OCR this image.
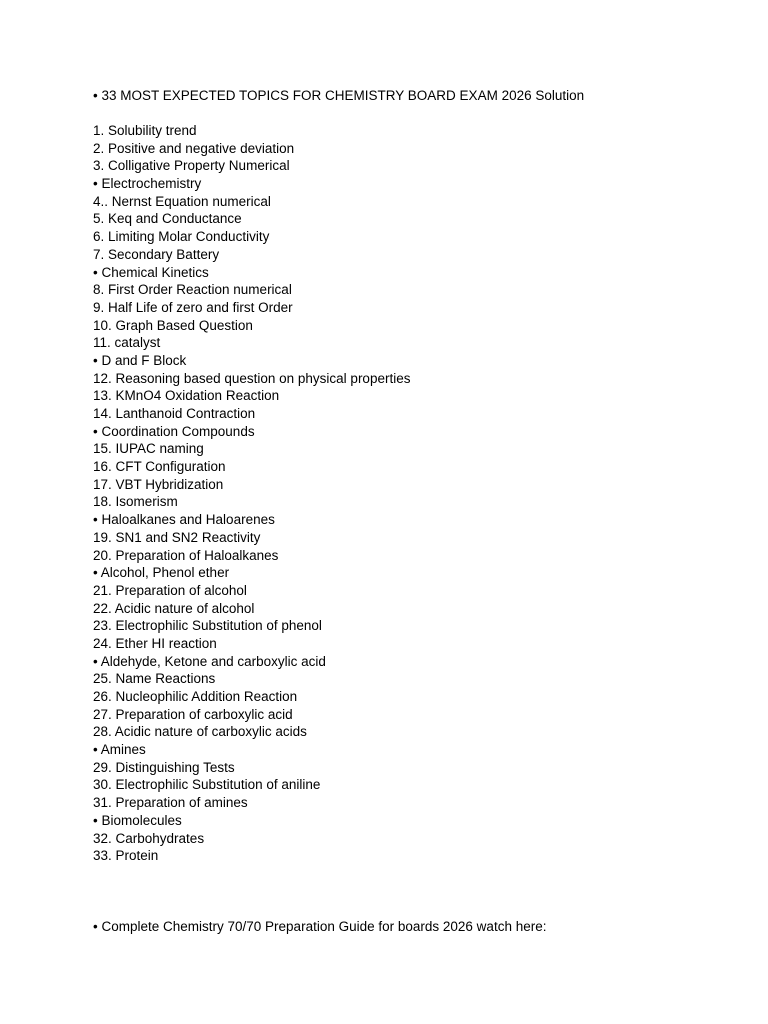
• 33 MOST EXPECTED TOPICS FOR CHEMISTRY BOARD EXAM 2026 Solution
1. Solubility trend
2. Positive and negative deviation
3. Colligative Property Numerical
• Electrochemistry
4.. Nernst Equation numerical
5. Keq and Conductance
6. Limiting Molar Conductivity
7. Secondary Battery
• Chemical Kinetics
8. First Order Reaction numerical
9. Half Life of zero and first Order
10. Graph Based Question
11. catalyst
• D and F Block
12. Reasoning based question on physical properties
13. KMnO4 Oxidation Reaction
14. Lanthanoid Contraction
• Coordination Compounds
15. IUPAC naming
16. CFT Configuration
17. VBT Hybridization
18. Isomerism
• Haloalkanes and Haloarenes
19. SN1 and SN2 Reactivity
20. Preparation of Haloalkanes
• Alcohol, Phenol ether
21. Preparation of alcohol
22. Acidic nature of alcohol
23. Electrophilic Substitution of phenol
24. Ether HI reaction
• Aldehyde, Ketone and carboxylic acid
25. Name Reactions
26. Nucleophilic Addition Reaction
27. Preparation of carboxylic acid
28. Acidic nature of carboxylic acids
• Amines
29. Distinguishing Tests
30. Electrophilic Substitution of aniline
31. Preparation of amines
• Biomolecules
32. Carbohydrates
33. Protein
• Complete Chemistry 70/70 Preparation Guide for boards 2026 watch here:
